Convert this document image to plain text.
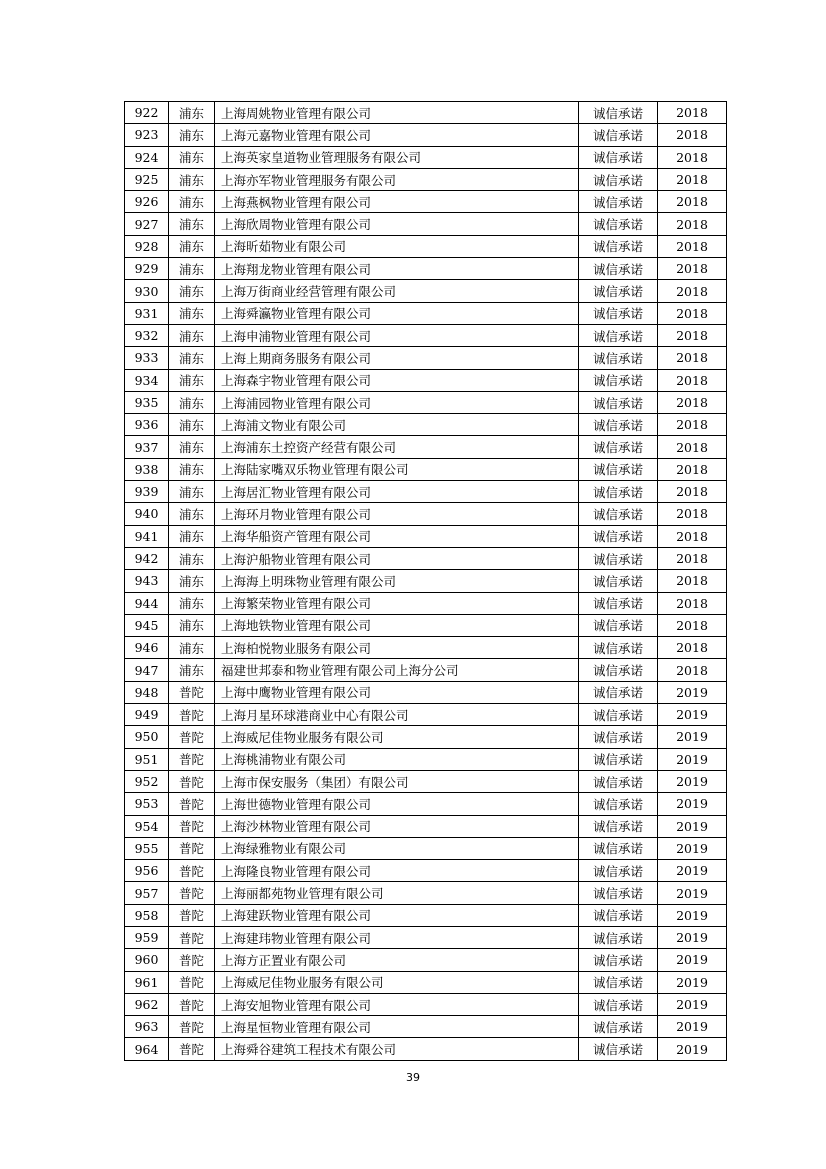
922	浦东	上海周姚物业管理有限公司	诚信承诺	2018
923	浦东	上海元嘉物业管理有限公司	诚信承诺	2018
924	浦东	上海英家皇道物业管理服务有限公司	诚信承诺	2018
925	浦东	上海亦军物业管理服务有限公司	诚信承诺	2018
926	浦东	上海燕枫物业管理有限公司	诚信承诺	2018
927	浦东	上海欣周物业管理有限公司	诚信承诺	2018
928	浦东	上海昕茹物业有限公司	诚信承诺	2018
929	浦东	上海翔龙物业管理有限公司	诚信承诺	2018
930	浦东	上海万街商业经营管理有限公司	诚信承诺	2018
931	浦东	上海舜瀛物业管理有限公司	诚信承诺	2018
932	浦东	上海申浦物业管理有限公司	诚信承诺	2018
933	浦东	上海上期商务服务有限公司	诚信承诺	2018
934	浦东	上海森宇物业管理有限公司	诚信承诺	2018
935	浦东	上海浦园物业管理有限公司	诚信承诺	2018
936	浦东	上海浦文物业有限公司	诚信承诺	2018
937	浦东	上海浦东土控资产经营有限公司	诚信承诺	2018
938	浦东	上海陆家嘴双乐物业管理有限公司	诚信承诺	2018
939	浦东	上海居汇物业管理有限公司	诚信承诺	2018
940	浦东	上海环月物业管理有限公司	诚信承诺	2018
941	浦东	上海华船资产管理有限公司	诚信承诺	2018
942	浦东	上海沪船物业管理有限公司	诚信承诺	2018
943	浦东	上海海上明珠物业管理有限公司	诚信承诺	2018
944	浦东	上海繁荣物业管理有限公司	诚信承诺	2018
945	浦东	上海地铁物业管理有限公司	诚信承诺	2018
946	浦东	上海柏悦物业服务有限公司	诚信承诺	2018
947	浦东	福建世邦泰和物业管理有限公司上海分公司	诚信承诺	2018
948	普陀	上海中鹰物业管理有限公司	诚信承诺	2019
949	普陀	上海月星环球港商业中心有限公司	诚信承诺	2019
950	普陀	上海威尼佳物业服务有限公司	诚信承诺	2019
951	普陀	上海桃浦物业有限公司	诚信承诺	2019
952	普陀	上海市保安服务（集团）有限公司	诚信承诺	2019
953	普陀	上海世德物业管理有限公司	诚信承诺	2019
954	普陀	上海沙林物业管理有限公司	诚信承诺	2019
955	普陀	上海绿雅物业有限公司	诚信承诺	2019
956	普陀	上海隆良物业管理有限公司	诚信承诺	2019
957	普陀	上海丽都苑物业管理有限公司	诚信承诺	2019
958	普陀	上海建跃物业管理有限公司	诚信承诺	2019
959	普陀	上海建玮物业管理有限公司	诚信承诺	2019
960	普陀	上海方正置业有限公司	诚信承诺	2019
961	普陀	上海威尼佳物业服务有限公司	诚信承诺	2019
962	普陀	上海安旭物业管理有限公司	诚信承诺	2019
963	普陀	上海星恒物业管理有限公司	诚信承诺	2019
964	普陀	上海舜谷建筑工程技术有限公司	诚信承诺	2019
39
